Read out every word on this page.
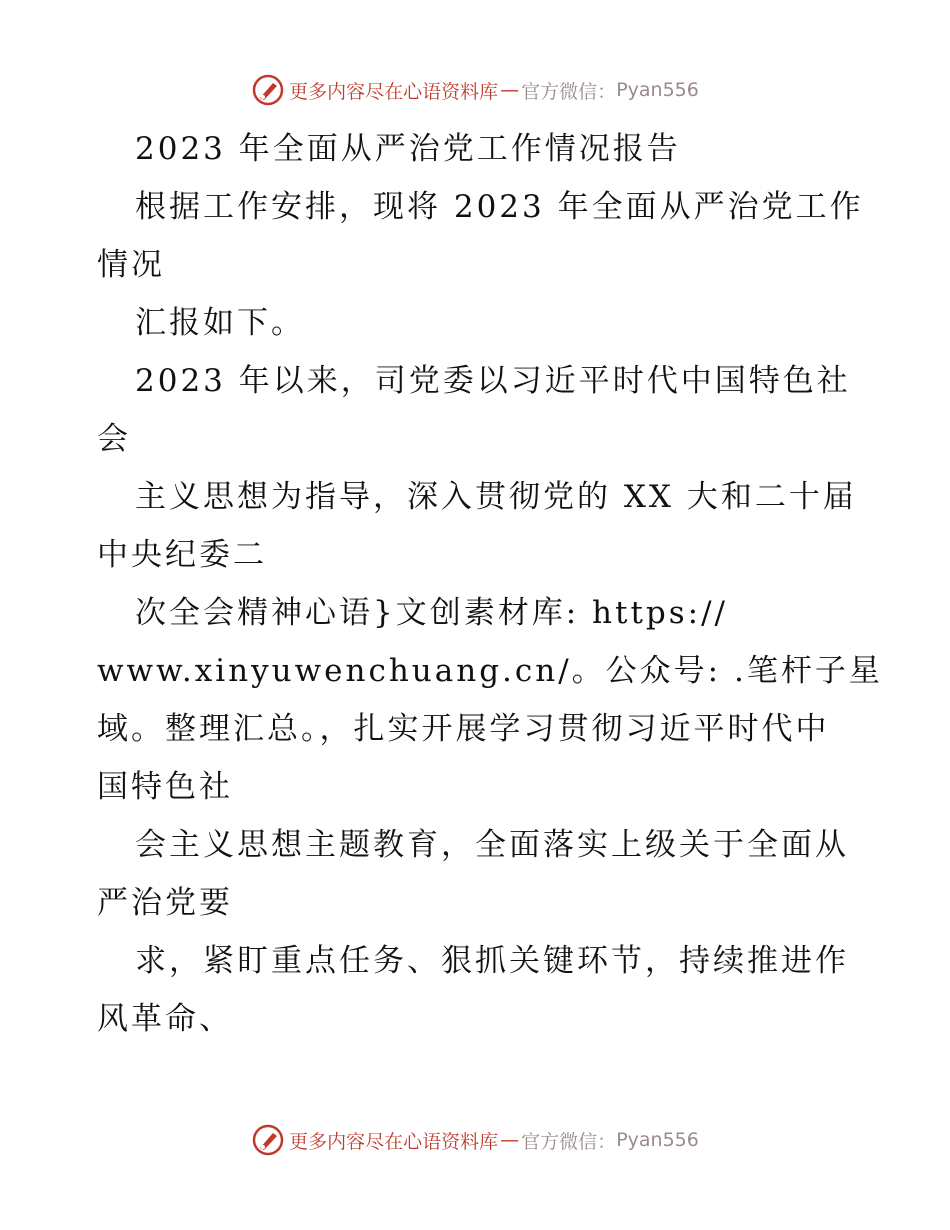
更多内容尽在心语资料库 — 官方微信： Pyan556
2023 年全面从严治党工作情况报告
根据工作安排，现将 2023 年全面从严治党工作
情况
汇报如下。
2023 年以来，司党委以习近平时代中国特色社
会
主义思想为指导，深入贯彻党的 XX 大和二十届
中央纪委二
次全会精神心语}文创素材库: https://
www.xinyuwenchuang.cn/。公众号: .笔杆子星
域。整理汇总。，扎实开展学习贯彻习近平时代中
国特色社
会主义思想主题教育，全面落实上级关于全面从
严治党要
求，紧盯重点任务、狠抓关键环节，持续推进作
风革命、
更多内容尽在心语资料库 — 官方微信： Pyan556
